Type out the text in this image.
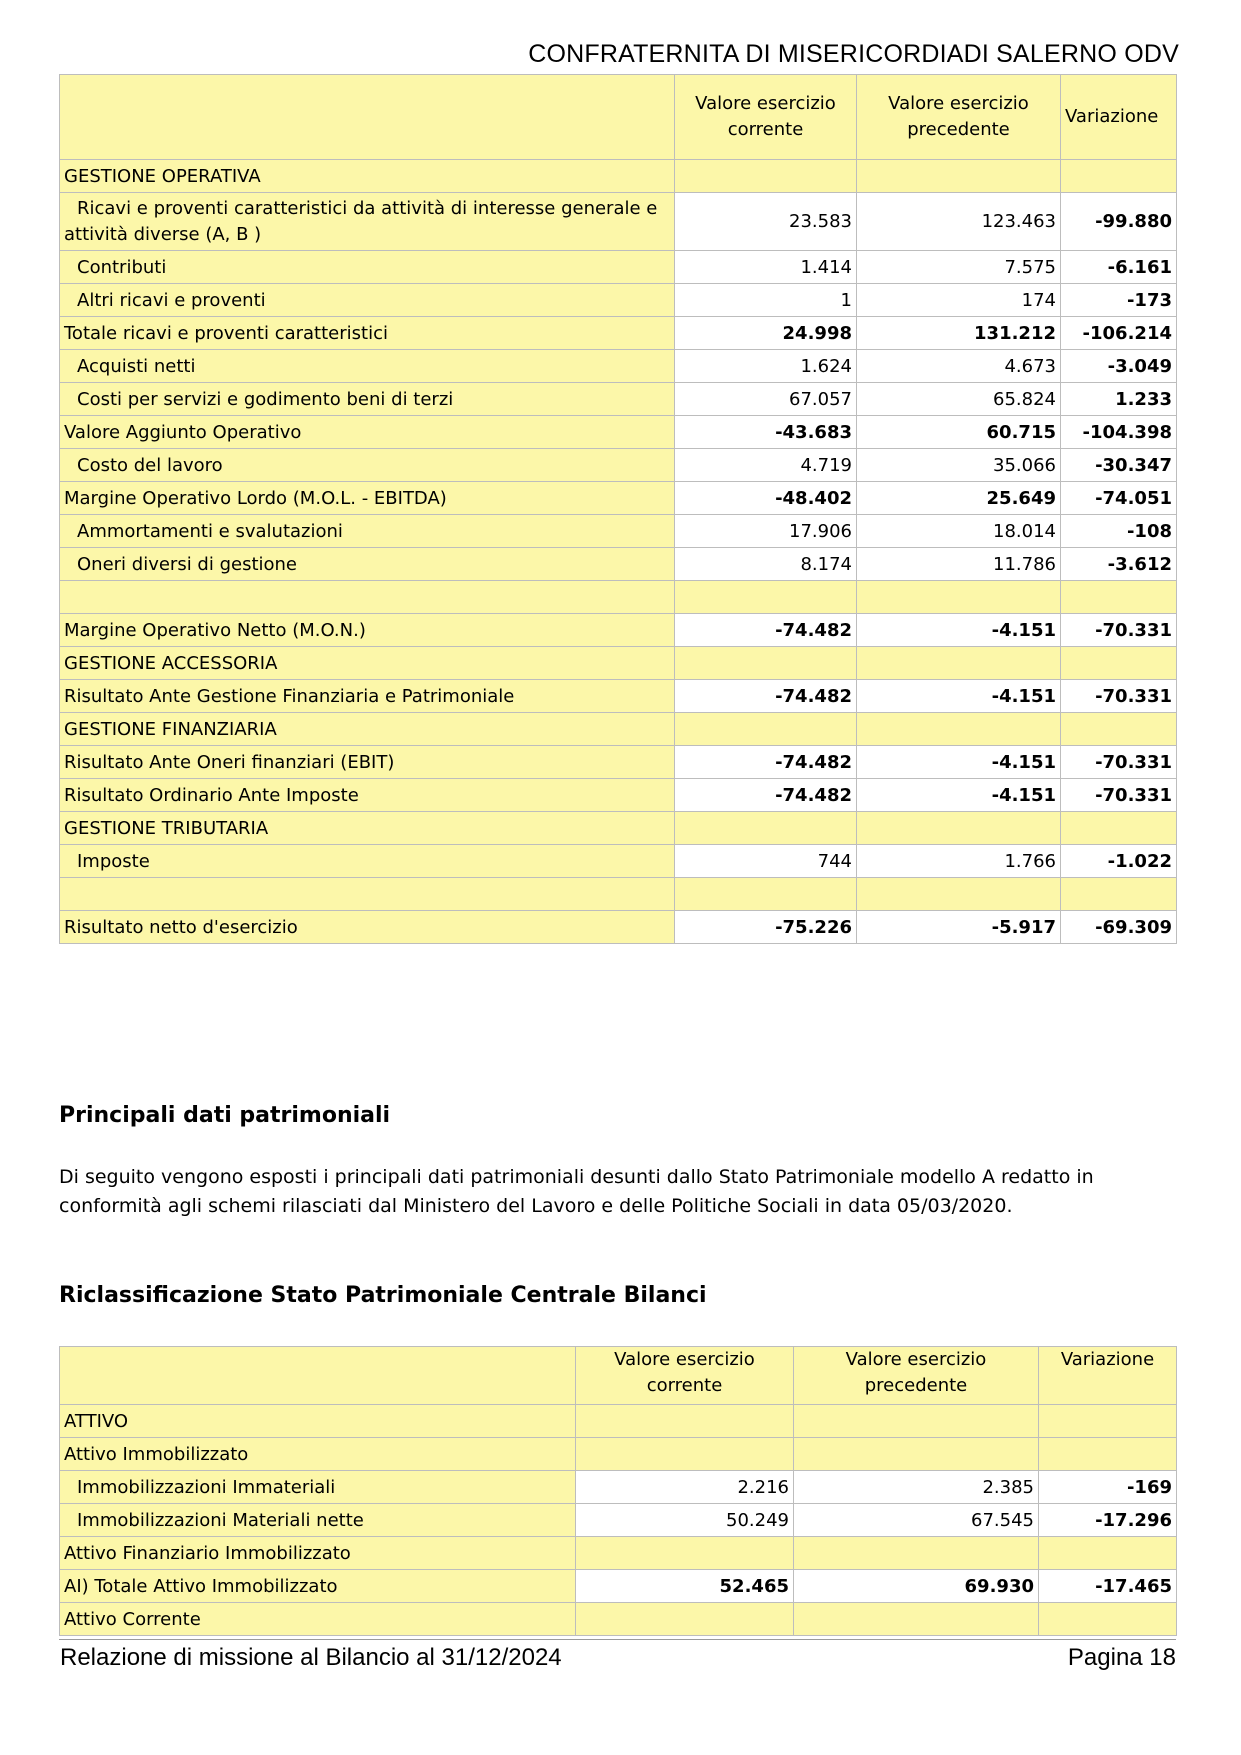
CONFRATERNITA DI MISERICORDIADI SALERNO ODV
	Valore esercizio corrente	Valore esercizio precedente	Variazione
GESTIONE OPERATIVA			
Ricavi e proventi caratteristici da attività di interesse generale e attività diverse (A, B )	23.583	123.463	-99.880
Contributi	1.414	7.575	-6.161
Altri ricavi e proventi	1	174	-173
Totale ricavi e proventi caratteristici	24.998	131.212	-106.214
Acquisti netti	1.624	4.673	-3.049
Costi per servizi e godimento beni di terzi	67.057	65.824	1.233
Valore Aggiunto Operativo	-43.683	60.715	-104.398
Costo del lavoro	4.719	35.066	-30.347
Margine Operativo Lordo (M.O.L. - EBITDA)	-48.402	25.649	-74.051
Ammortamenti e svalutazioni	17.906	18.014	-108
Oneri diversi di gestione	8.174	11.786	-3.612

Margine Operativo Netto (M.O.N.)	-74.482	-4.151	-70.331
GESTIONE ACCESSORIA			
Risultato Ante Gestione Finanziaria e Patrimoniale	-74.482	-4.151	-70.331
GESTIONE FINANZIARIA			
Risultato Ante Oneri finanziari (EBIT)	-74.482	-4.151	-70.331
Risultato Ordinario Ante Imposte	-74.482	-4.151	-70.331
GESTIONE TRIBUTARIA			
Imposte	744	1.766	-1.022

Risultato netto d'esercizio	-75.226	-5.917	-69.309
Principali dati patrimoniali
Di seguito vengono esposti i principali dati patrimoniali desunti dallo Stato Patrimoniale modello A redatto in conformità agli schemi rilasciati dal Ministero del Lavoro e delle Politiche Sociali in data 05/03/2020.
Riclassificazione Stato Patrimoniale Centrale Bilanci
	Valore esercizio corrente	Valore esercizio precedente	Variazione
ATTIVO			
Attivo Immobilizzato			
Immobilizzazioni Immateriali	2.216	2.385	-169
Immobilizzazioni Materiali nette	50.249	67.545	-17.296
Attivo Finanziario Immobilizzato			
AI) Totale Attivo Immobilizzato	52.465	69.930	-17.465
Attivo Corrente			
Relazione di missione al Bilancio al 31/12/2024	Pagina 18
